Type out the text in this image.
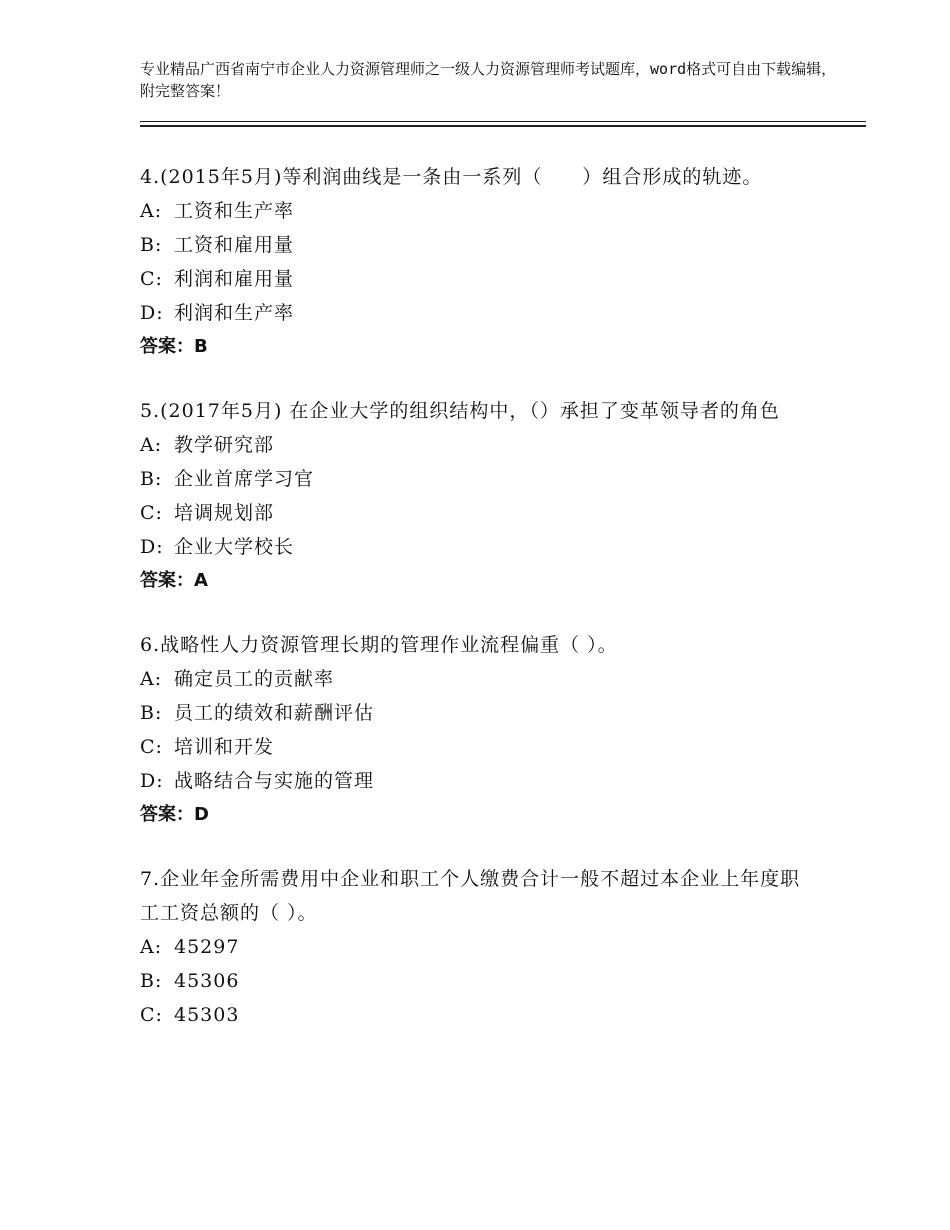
专业精品广西省南宁市企业人力资源管理师之一级人力资源管理师考试题库，word格式可自由下载编辑，附完整答案！

4.(2015年5月)等利润曲线是一条由一系列（　　）组合形成的轨迹。

A: 工资和生产率

B: 工资和雇用量

C: 利润和雇用量

D: 利润和生产率

答案：B

5.(2017年5月) 在企业大学的组织结构中，（）承担了变革领导者的角色

A: 教学研究部

B: 企业首席学习官

C: 培调规划部

D: 企业大学校长

答案：A

6.战略性人力资源管理长期的管理作业流程偏重（ ）。

A: 确定员工的贡献率

B: 员工的绩效和薪酬评估

C: 培训和开发

D: 战略结合与实施的管理

答案：D

7.企业年金所需费用中企业和职工个人缴费合计一般不超过本企业上年度职工工资总额的（ ）。

A: 45297

B: 45306

C: 45303
